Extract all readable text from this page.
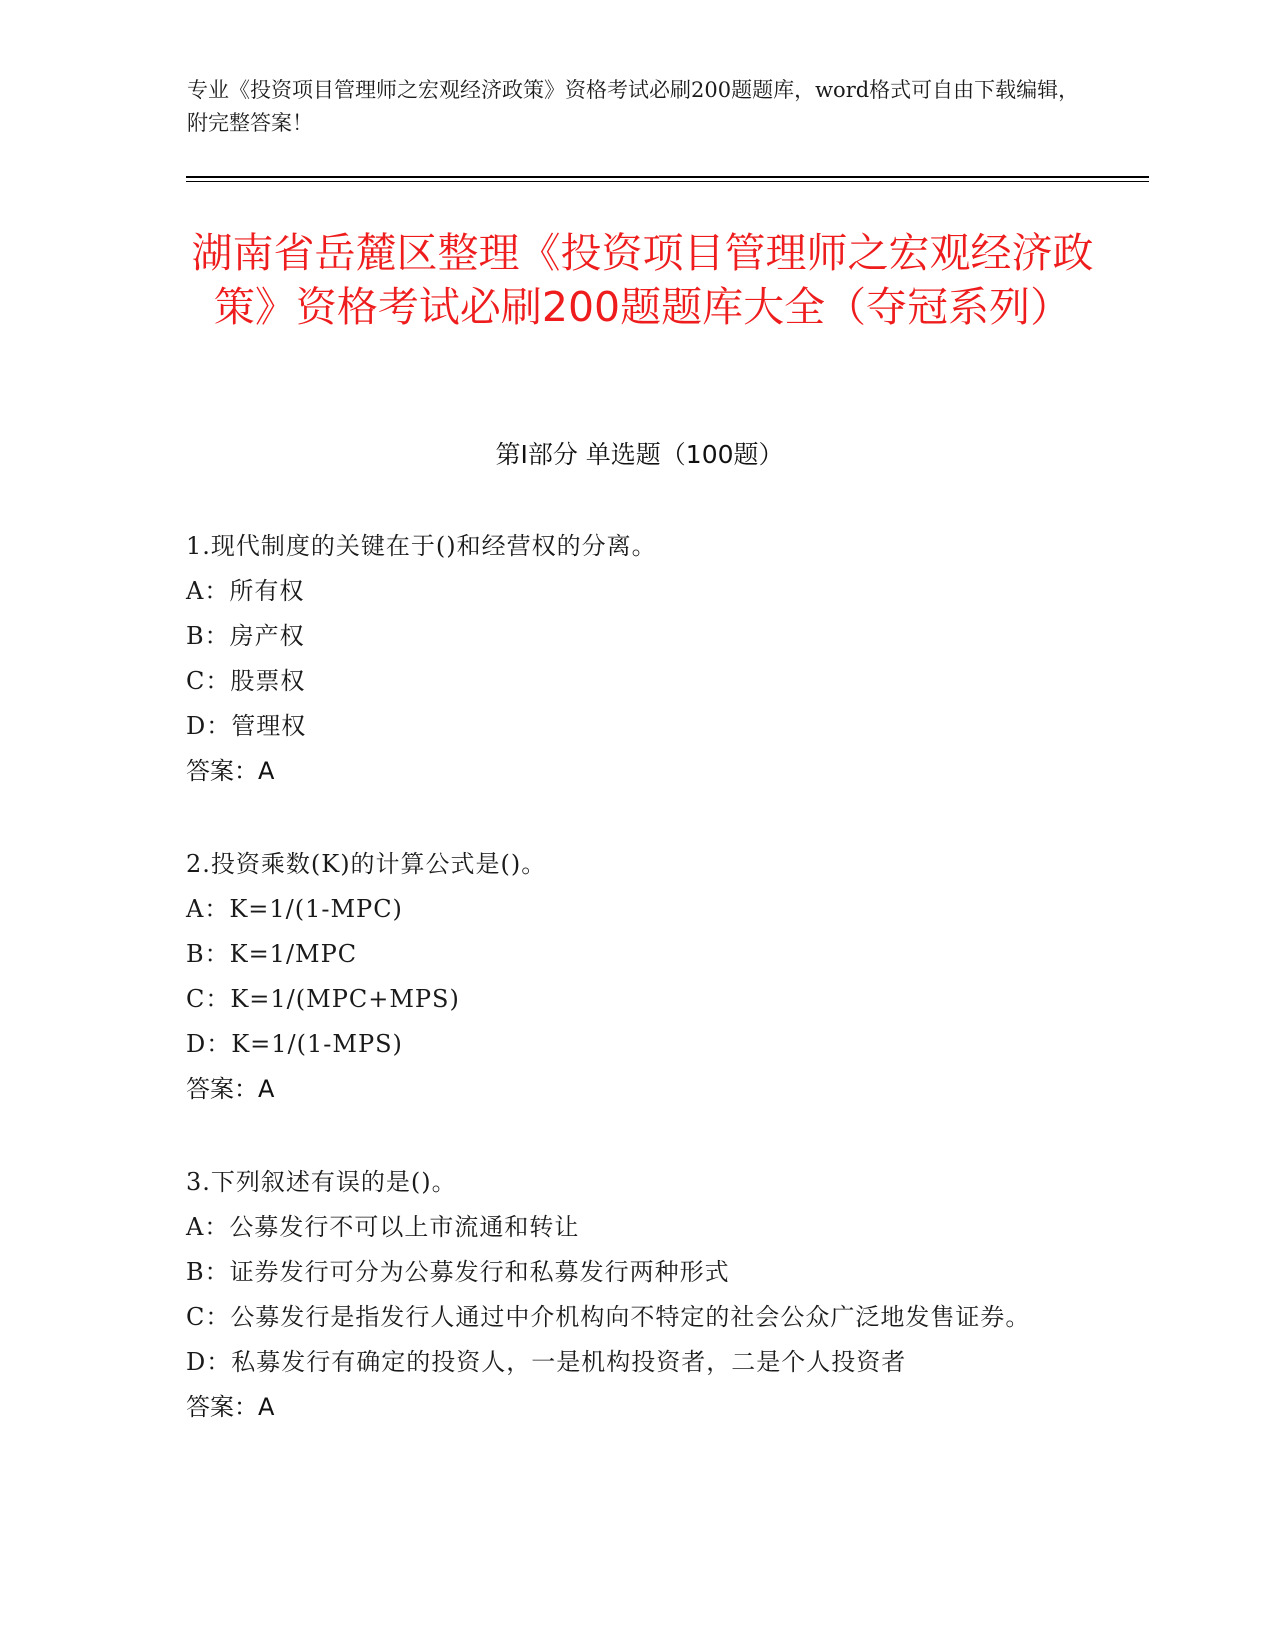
专业《投资项目管理师之宏观经济政策》资格考试必刷200题题库，word格式可自由下载编辑，附完整答案！
湖南省岳麓区整理《投资项目管理师之宏观经济政策》资格考试必刷200题题库大全（夺冠系列）
第I部分 单选题（100题）
1.现代制度的关键在于()和经营权的分离。
A：所有权
B：房产权
C：股票权
D：管理权
答案：A
2.投资乘数(K)的计算公式是()。
A：K=1/(1-MPC)
B：K=1/MPC
C：K=1/(MPC+MPS)
D：K=1/(1-MPS)
答案：A
3.下列叙述有误的是()。
A：公募发行不可以上市流通和转让
B：证券发行可分为公募发行和私募发行两种形式
C：公募发行是指发行人通过中介机构向不特定的社会公众广泛地发售证券。
D：私募发行有确定的投资人，一是机构投资者，二是个人投资者
答案：A
